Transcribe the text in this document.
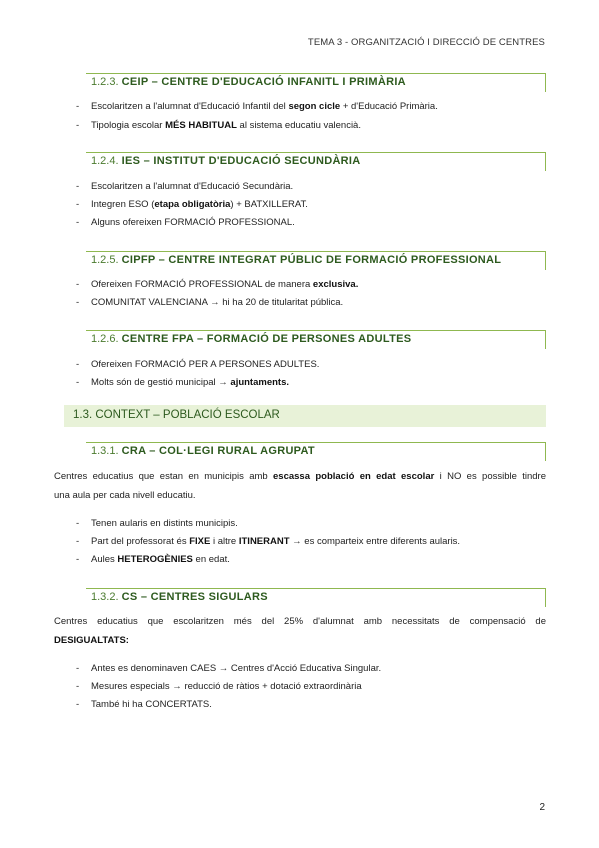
TEMA 3 - ORGANITZACIÓ I DIRECCIÓ DE CENTRES
1.2.3. CEIP – CENTRE D'EDUCACIÓ INFANITL I PRIMÀRIA
- Escolaritzen a l'alumnat d'Educació Infantil del segon cicle + d'Educació Primària.
- Tipologia escolar MÉS HABITUAL al sistema educatiu valencià.
1.2.4. IES – INSTITUT D'EDUCACIÓ SECUNDÀRIA
- Escolaritzen a l'alumnat d'Educació Secundària.
- Integren ESO (etapa obligatòria) + BATXILLERAT.
- Alguns ofereixen FORMACIÓ PROFESSIONAL.
1.2.5. CIPFP – CENTRE INTEGRAT PÚBLIC DE FORMACIÓ PROFESSIONAL
- Ofereixen FORMACIÓ PROFESSIONAL de manera exclusiva.
- COMUNITAT VALENCIANA → hi ha 20 de titularitat pública.
1.2.6. CENTRE FPA – FORMACIÓ DE PERSONES ADULTES
- Ofereixen FORMACIÓ PER A PERSONES ADULTES.
- Molts són de gestió municipal → ajuntaments.
1.3. CONTEXT – POBLACIÓ ESCOLAR
1.3.1. CRA – COL·LEGI RURAL AGRUPAT
Centres educatius que estan en municipis amb escassa població en edat escolar i NO es possible tindre
una aula per cada nivell educatiu.
- Tenen aularis en distints municipis.
- Part del professorat és FIXE i altre ITINERANT → es comparteix entre diferents aularis.
- Aules HETEROGÈNIES en edat.
1.3.2. CS – CENTRES SIGULARS
Centres educatius que escolaritzen més del 25% d'alumnat amb necessitats de compensació de
DESIGUALTATS:
- Antes es denominaven CAES → Centres d'Acció Educativa Singular.
- Mesures especials → reducció de ràtios + dotació extraordinària
- També hi ha CONCERTATS.
2
